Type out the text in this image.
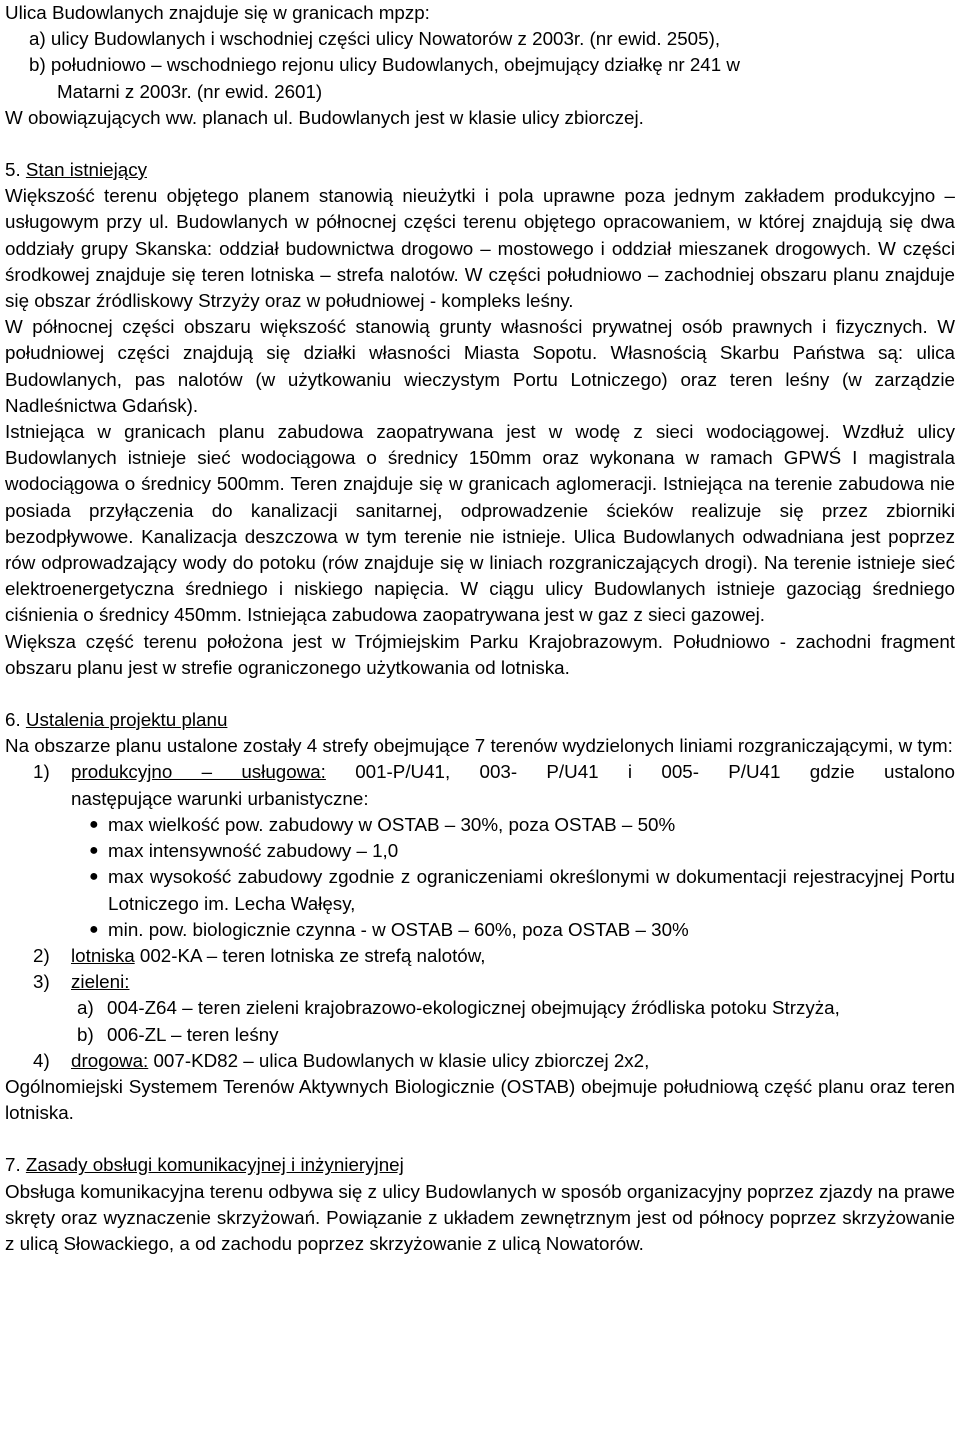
Ulica Budowlanych znajduje się w granicach mpzp:

a) ulicy Budowlanych i wschodniej części ulicy Nowatorów z 2003r. (nr ewid. 2505),

b) południowo – wschodniego rejonu ulicy Budowlanych, obejmujący działkę nr 241 w

Matarni z 2003r. (nr ewid. 2601)

W obowiązujących ww. planach ul. Budowlanych jest w klasie ulicy zbiorczej.

5. Stan istniejący

Większość terenu objętego planem stanowią nieużytki i pola uprawne poza jednym zakładem produkcyjno – usługowym przy ul. Budowlanych w północnej części terenu objętego opracowaniem, w której znajdują się dwa oddziały grupy Skanska: oddział budownictwa drogowo – mostowego i oddział mieszanek drogowych. W części środkowej znajduje się teren lotniska – strefa nalotów. W części południowo – zachodniej obszaru planu znajduje się obszar źródliskowy Strzyży oraz w południowej - kompleks leśny.

W północnej części obszaru większość stanowią grunty własności prywatnej osób prawnych i fizycznych. W południowej części znajdują się działki własności Miasta Sopotu. Własnością Skarbu Państwa są: ulica Budowlanych, pas nalotów (w użytkowaniu wieczystym Portu Lotniczego) oraz teren leśny (w zarządzie Nadleśnictwa Gdańsk).

Istniejąca w granicach planu zabudowa zaopatrywana jest w wodę z sieci wodociągowej. Wzdłuż ulicy Budowlanych istnieje sieć wodociągowa o średnicy 150mm oraz wykonana w ramach GPWŚ I magistrala wodociągowa o średnicy 500mm. Teren znajduje się w granicach aglomeracji. Istniejąca na terenie zabudowa nie posiada przyłączenia do kanalizacji sanitarnej, odprowadzenie ścieków realizuje się przez zbiorniki bezodpływowe. Kanalizacja deszczowa w tym terenie nie istnieje. Ulica Budowlanych odwadniana jest poprzez rów odprowadzający wody do potoku (rów znajduje się w liniach rozgraniczających drogi). Na terenie istnieje sieć elektroenergetyczna średniego i niskiego napięcia. W ciągu ulicy Budowlanych istnieje gazociąg średniego ciśnienia o średnicy 450mm. Istniejąca zabudowa zaopatrywana jest w gaz z sieci gazowej.

Większa część terenu położona jest w Trójmiejskim Parku Krajobrazowym. Południowo - zachodni fragment obszaru planu jest w strefie ograniczonego użytkowania od lotniska.

6. Ustalenia projektu planu

Na obszarze planu ustalone zostały 4 strefy obejmujące 7 terenów wydzielonych liniami rozgraniczającymi, w tym:

1)	produkcyjno – usługowa: 001-P/U41, 003- P/U41 i 005- P/U41 gdzie ustalono
następujące warunki urbanistyczne:
● max wielkość pow. zabudowy w OSTAB – 30%, poza OSTAB – 50%
● max intensywność zabudowy – 1,0
● max wysokość zabudowy zgodnie z ograniczeniami określonymi w dokumentacji rejestracyjnej Portu Lotniczego im. Lecha Wałęsy,
● min. pow. biologicznie czynna - w OSTAB – 60%, poza OSTAB – 30%
2)	lotniska 002-KA – teren lotniska ze strefą nalotów,
3)	zieleni:
a) 004-Z64 – teren zieleni krajobrazowo-ekologicznej obejmujący źródliska potoku Strzyża,
b) 006-ZL – teren leśny
4)	drogowa: 007-KD82 – ulica Budowlanych w klasie ulicy zbiorczej 2x2,

Ogólnomiejski Systemem Terenów Aktywnych Biologicznie (OSTAB) obejmuje południową część planu oraz teren lotniska.

7. Zasady obsługi komunikacyjnej i inżynieryjnej

Obsługa komunikacyjna terenu odbywa się z ulicy Budowlanych w sposób organizacyjny poprzez zjazdy na prawe skręty oraz wyznaczenie skrzyżowań. Powiązanie z układem zewnętrznym jest od północy poprzez skrzyżowanie z ulicą Słowackiego, a od zachodu poprzez skrzyżowanie z ulicą Nowatorów.
